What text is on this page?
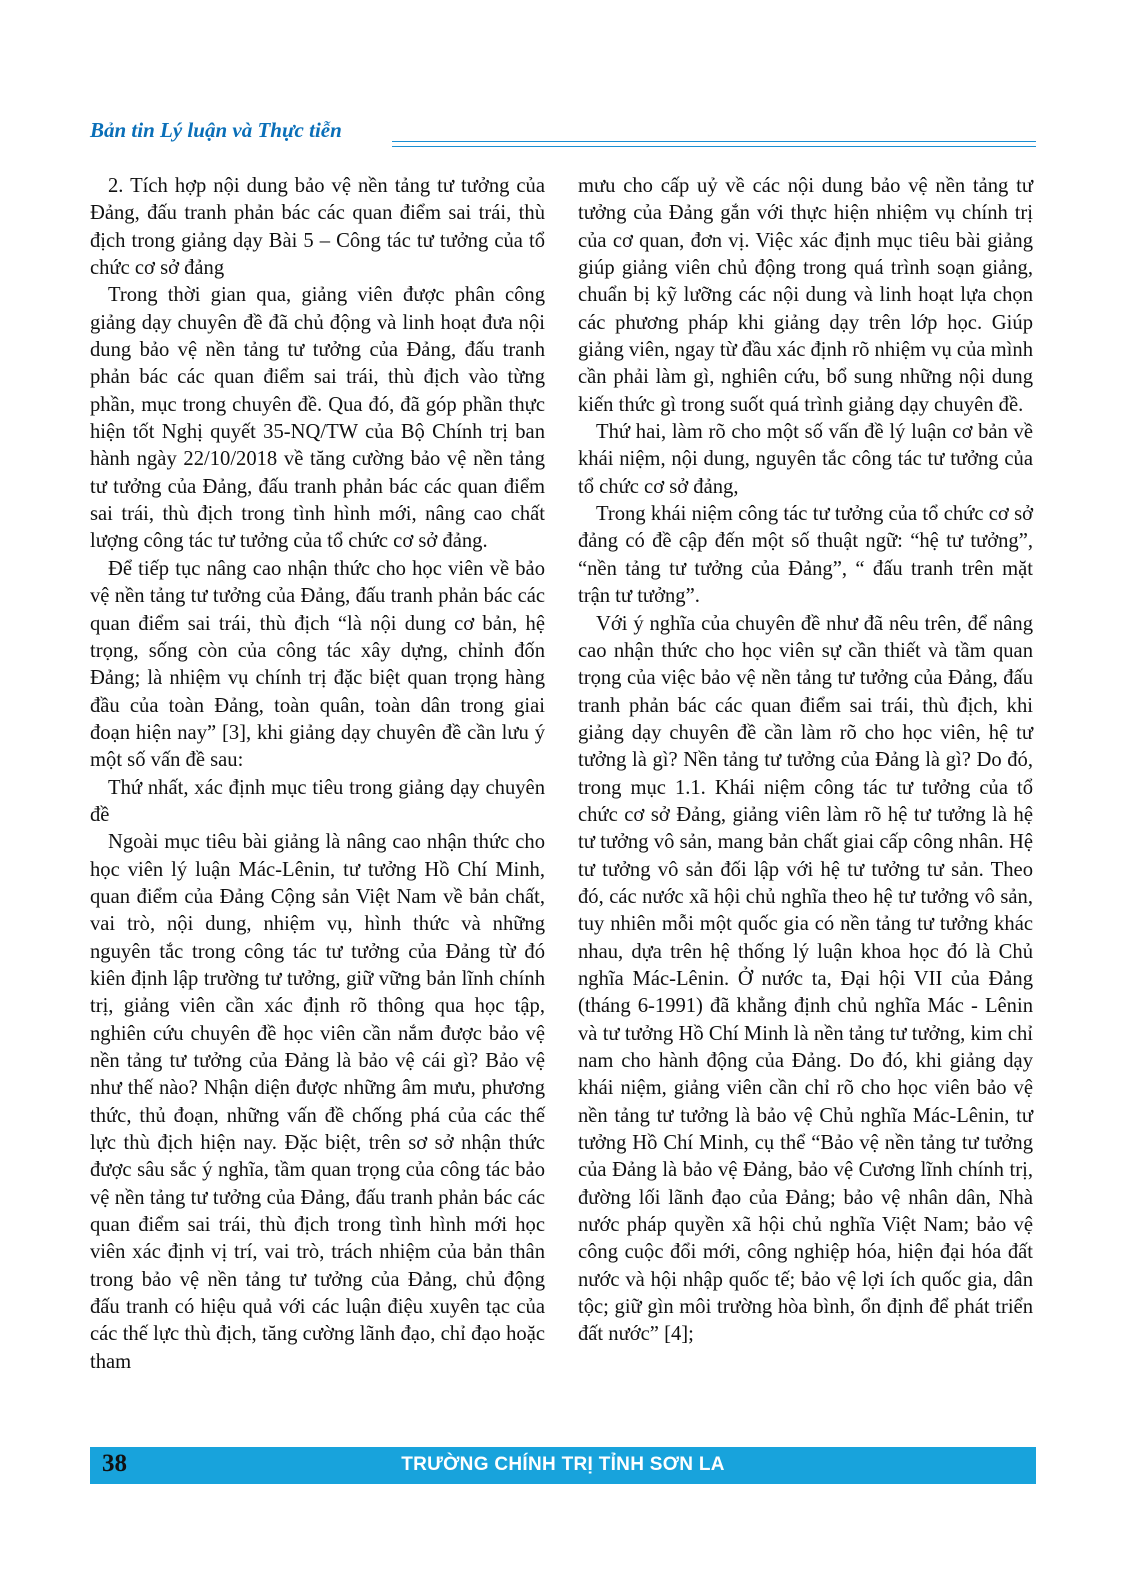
Bản tin Lý luận và Thực tiễn

2. Tích hợp nội dung bảo vệ nền tảng tư tưởng của Đảng, đấu tranh phản bác các quan điểm sai trái, thù địch trong giảng dạy Bài 5 – Công tác tư tưởng của tổ chức cơ sở đảng

Trong thời gian qua, giảng viên được phân công giảng dạy chuyên đề đã chủ động và linh hoạt đưa nội dung bảo vệ nền tảng tư tưởng của Đảng, đấu tranh phản bác các quan điểm sai trái, thù địch vào từng phần, mục trong chuyên đề. Qua đó, đã góp phần thực hiện tốt Nghị quyết 35-NQ/TW của Bộ Chính trị ban hành ngày 22/10/2018 về tăng cường bảo vệ nền tảng tư tưởng của Đảng, đấu tranh phản bác các quan điểm sai trái, thù địch trong tình hình mới, nâng cao chất lượng công tác tư tưởng của tổ chức cơ sở đảng.

Để tiếp tục nâng cao nhận thức cho học viên về bảo vệ nền tảng tư tưởng của Đảng, đấu tranh phản bác các quan điểm sai trái, thù địch “là nội dung cơ bản, hệ trọng, sống còn của công tác xây dựng, chỉnh đốn Đảng; là nhiệm vụ chính trị đặc biệt quan trọng hàng đầu của toàn Đảng, toàn quân, toàn dân trong giai đoạn hiện nay” [3], khi giảng dạy chuyên đề cần lưu ý một số vấn đề sau:

Thứ nhất, xác định mục tiêu trong giảng dạy chuyên đề

Ngoài mục tiêu bài giảng là nâng cao nhận thức cho học viên lý luận Mác-Lênin, tư tưởng Hồ Chí Minh, quan điểm của Đảng Cộng sản Việt Nam về bản chất, vai trò, nội dung, nhiệm vụ, hình thức và những nguyên tắc trong công tác tư tưởng của Đảng từ đó kiên định lập trường tư tưởng, giữ vững bản lĩnh chính trị, giảng viên cần xác định rõ thông qua học tập, nghiên cứu chuyên đề học viên cần nắm được bảo vệ nền tảng tư tưởng của Đảng là bảo vệ cái gì? Bảo vệ như thế nào? Nhận diện được những âm mưu, phương thức, thủ đoạn, những vấn đề chống phá của các thế lực thù địch hiện nay. Đặc biệt, trên sơ sở nhận thức được sâu sắc ý nghĩa, tầm quan trọng của công tác bảo vệ nền tảng tư tưởng của Đảng, đấu tranh phản bác các quan điểm sai trái, thù địch trong tình hình mới học viên xác định vị trí, vai trò, trách nhiệm của bản thân trong bảo vệ nền tảng tư tưởng của Đảng, chủ động đấu tranh có hiệu quả với các luận điệu xuyên tạc của các thế lực thù địch, tăng cường lãnh đạo, chỉ đạo hoặc tham

mưu cho cấp uỷ về các nội dung bảo vệ nền tảng tư tưởng của Đảng gắn với thực hiện nhiệm vụ chính trị của cơ quan, đơn vị. Việc xác định mục tiêu bài giảng giúp giảng viên chủ động trong quá trình soạn giảng, chuẩn bị kỹ lưỡng các nội dung và linh hoạt lựa chọn các phương pháp khi giảng dạy trên lớp học. Giúp giảng viên, ngay từ đầu xác định rõ nhiệm vụ của mình cần phải làm gì, nghiên cứu, bổ sung những nội dung kiến thức gì trong suốt quá trình giảng dạy chuyên đề.

Thứ hai, làm rõ cho một số vấn đề lý luận cơ bản về khái niệm, nội dung, nguyên tắc công tác tư tưởng của tổ chức cơ sở đảng,

Trong khái niệm công tác tư tưởng của tổ chức cơ sở đảng có đề cập đến một số thuật ngữ: “hệ tư tưởng”, “nền tảng tư tưởng của Đảng”, “ đấu tranh trên mặt trận tư tưởng”.

Với ý nghĩa của chuyên đề như đã nêu trên, để nâng cao nhận thức cho học viên sự cần thiết và tầm quan trọng của việc bảo vệ nền tảng tư tưởng của Đảng, đấu tranh phản bác các quan điểm sai trái, thù địch, khi giảng dạy chuyên đề cần làm rõ cho học viên, hệ tư tưởng là gì? Nền tảng tư tưởng của Đảng là gì? Do đó, trong mục 1.1. Khái niệm công tác tư tưởng của tổ chức cơ sở Đảng, giảng viên làm rõ hệ tư tưởng là hệ tư tưởng vô sản, mang bản chất giai cấp công nhân. Hệ tư tưởng vô sản đối lập với hệ tư tưởng tư sản. Theo đó, các nước xã hội chủ nghĩa theo hệ tư tưởng vô sản, tuy nhiên mỗi một quốc gia có nền tảng tư tưởng khác nhau, dựa trên hệ thống lý luận khoa học đó là Chủ nghĩa Mác-Lênin. Ở nước ta, Đại hội VII của Đảng (tháng 6-1991) đã khẳng định chủ nghĩa Mác - Lênin và tư tưởng Hồ Chí Minh là nền tảng tư tưởng, kim chỉ nam cho hành động của Đảng. Do đó, khi giảng dạy khái niệm, giảng viên cần chỉ rõ cho học viên bảo vệ nền tảng tư tưởng là bảo vệ Chủ nghĩa Mác-Lênin, tư tưởng Hồ Chí Minh, cụ thể “Bảo vệ nền tảng tư tưởng của Đảng là bảo vệ Đảng, bảo vệ Cương lĩnh chính trị, đường lối lãnh đạo của Đảng; bảo vệ nhân dân, Nhà nước pháp quyền xã hội chủ nghĩa Việt Nam; bảo vệ công cuộc đổi mới, công nghiệp hóa, hiện đại hóa đất nước và hội nhập quốc tế; bảo vệ lợi ích quốc gia, dân tộc; giữ gìn môi trường hòa bình, ổn định để phát triển đất nước” [4];

38	TRƯỜNG CHÍNH TRỊ TỈNH SƠN LA
